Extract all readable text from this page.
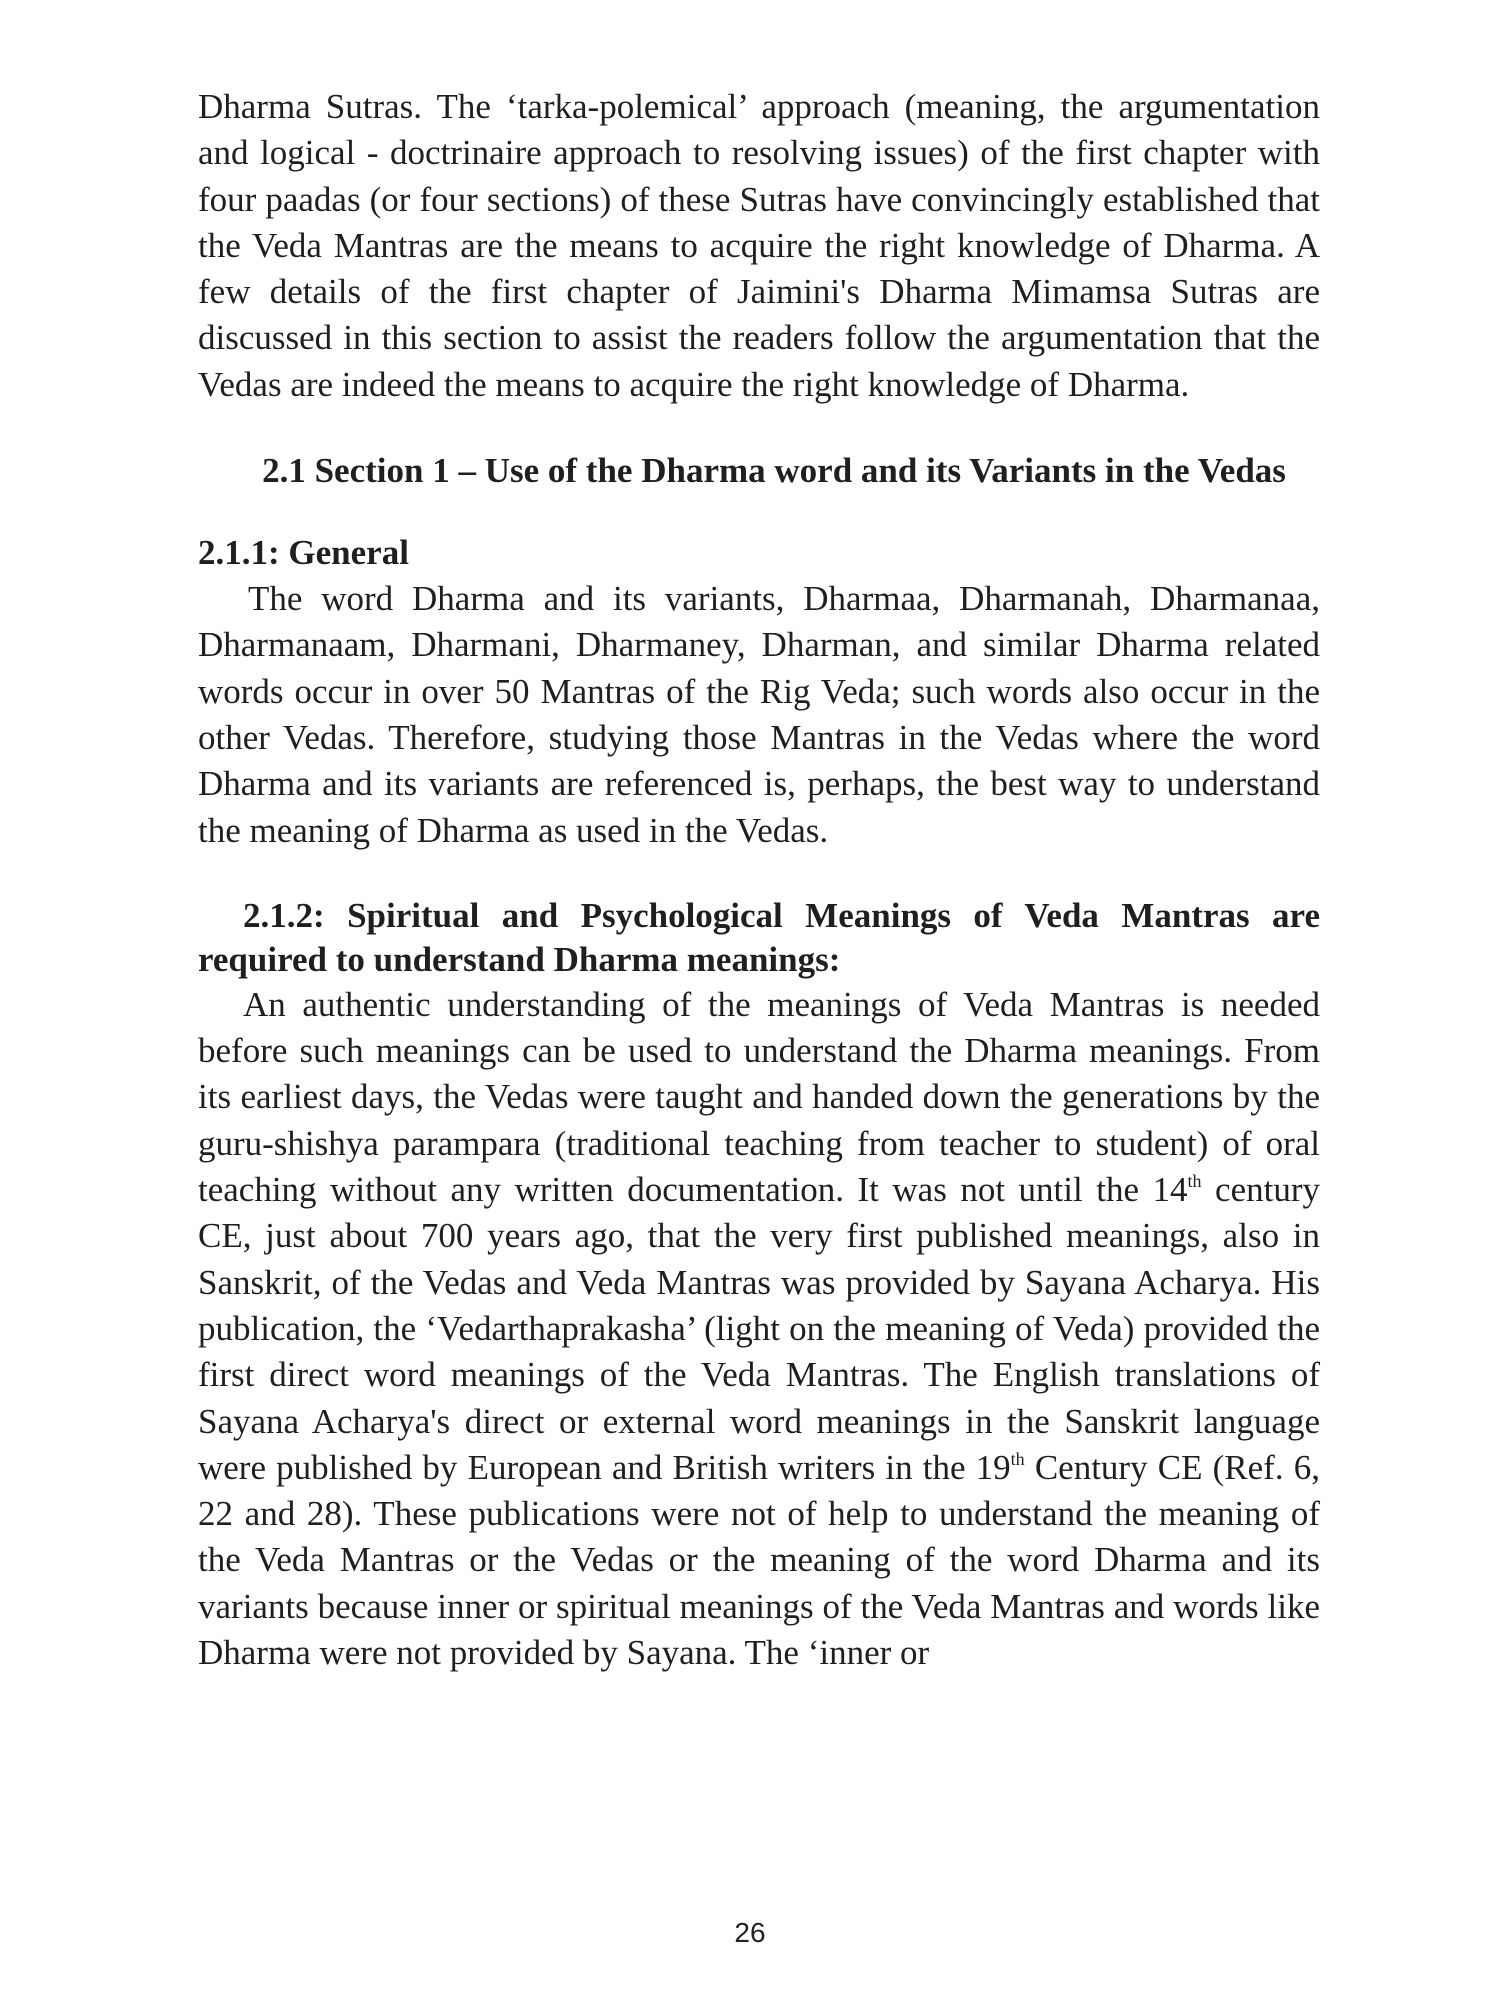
Dharma Sutras. The ‘tarka-polemical’ approach (meaning, the argumentation and logical - doctrinaire approach to resolving issues) of the first chapter with four paadas (or four sections) of these Sutras have convincingly established that the Veda Mantras are the means to acquire the right knowledge of Dharma. A few details of the first chapter of Jaimini's Dharma Mimamsa Sutras are discussed in this section to assist the readers follow the argumentation that the Vedas are indeed the means to acquire the right knowledge of Dharma.

2.1 Section 1 – Use of the Dharma word and its Variants in the Vedas
2.1.1: General

The word Dharma and its variants, Dharmaa, Dharmanah, Dharmanaa, Dharmanaam, Dharmani, Dharmaney, Dharman, and similar Dharma related words occur in over 50 Mantras of the Rig Veda; such words also occur in the other Vedas. Therefore, studying those Mantras in the Vedas where the word Dharma and its variants are referenced is, perhaps, the best way to understand the meaning of Dharma as used in the Vedas.

2.1.2: Spiritual and Psychological Meanings of Veda Mantras are required to understand Dharma meanings:

An authentic understanding of the meanings of Veda Mantras is needed before such meanings can be used to understand the Dharma meanings. From its earliest days, the Vedas were taught and handed down the generations by the guru-shishya parampara (traditional teaching from teacher to student) of oral teaching without any written documentation. It was not until the 14th century CE, just about 700 years ago, that the very first published meanings, also in Sanskrit, of the Vedas and Veda Mantras was provided by Sayana Acharya. His publication, the ‘Vedarthaprakasha’ (light on the meaning of Veda) provided the first direct word meanings of the Veda Mantras. The English translations of Sayana Acharya's direct or external word meanings in the Sanskrit language were published by European and British writers in the 19th Century CE (Ref. 6, 22 and 28). These publications were not of help to understand the meaning of the Veda Mantras or the Vedas or the meaning of the word Dharma and its variants because inner or spiritual meanings of the Veda Mantras and words like Dharma were not provided by Sayana. The ‘inner or

26
